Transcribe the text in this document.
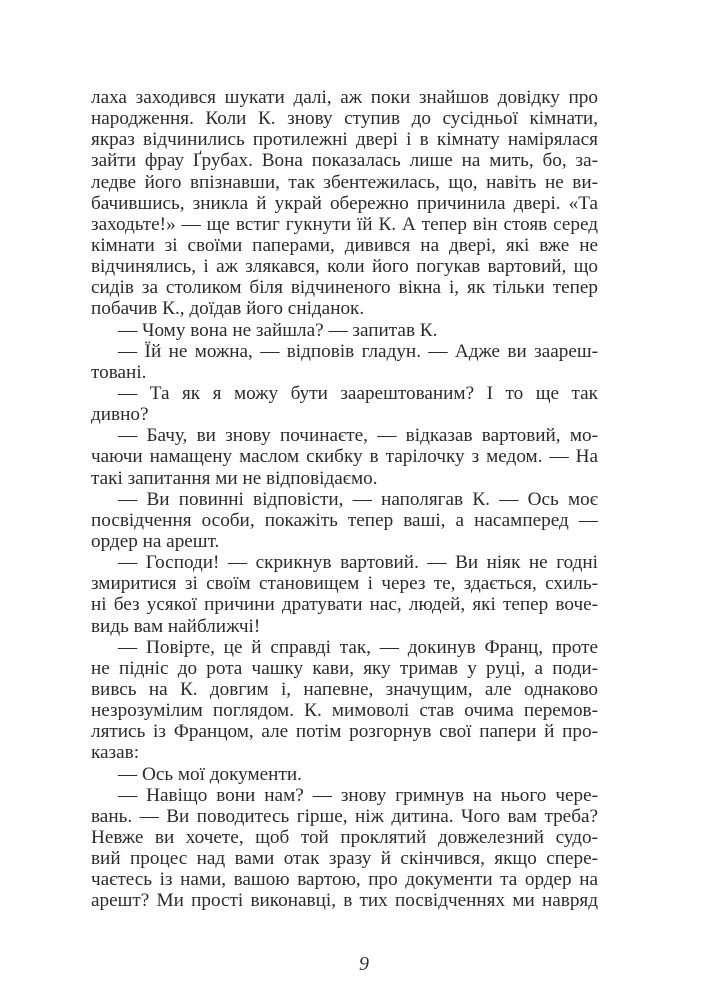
лаха заходився шукати далі, аж поки знайшов довідку про
народження. Коли К. знову ступив до сусідньої кімнати,
якраз відчинились протилежні двері і в кімнату намірялася
зайти фрау Ґрубах. Вона показалась лише на мить, бо, за-
ледве його впізнавши, так збентежилась, що, навіть не ви-
бачившись, зникла й украй обережно причинила двері. «Та
заходьте!» — ще встиг гукнути їй К. А тепер він стояв серед
кімнати зі своїми паперами, дивився на двері, які вже не
відчинялись, і аж злякався, коли його погукав вартовий, що
сидів за столиком біля відчиненого вікна і, як тільки тепер
побачив К., доїдав його сніданок.
— Чому вона не зайшла? — запитав К.
— Їй не можна, — відповів гладун. — Адже ви заареш-
товані.
— Та як я можу бути заарештованим? І то ще так
дивно?
— Бачу, ви знову починаєте, — відказав вартовий, мо-
чаючи намащену маслом скибку в тарілочку з медом. — На
такі запитання ми не відповідаємо.
— Ви повинні відповісти, — наполягав К. — Ось моє
посвідчення особи, покажіть тепер ваші, а насамперед —
ордер на арешт.
— Господи! — скрикнув вартовий. — Ви ніяк не годні
змиритися зі своїм становищем і через те, здається, схиль-
ні без усякої причини дратувати нас, людей, які тепер воче-
видь вам найближчі!
— Повірте, це й справді так, — докинув Франц, проте
не підніс до рота чашку кави, яку тримав у руці, а поди-
вивсь на К. довгим і, напевне, значущим, але однаково
незрозумілим поглядом. К. мимоволі став очима перемов-
лятись із Францом, але потім розгорнув свої папери й про-
казав:
— Ось мої документи.
— Навіщо вони нам? — знову гримнув на нього чере-
вань. — Ви поводитесь гірше, ніж дитина. Чого вам треба?
Невже ви хочете, щоб той проклятий довжелезний судо-
вий процес над вами отак зразу й скінчився, якщо спере-
чаєтесь із нами, вашою вартою, про документи та ордер на
арешт? Ми прості виконавці, в тих посвідченнях ми навряд
9
